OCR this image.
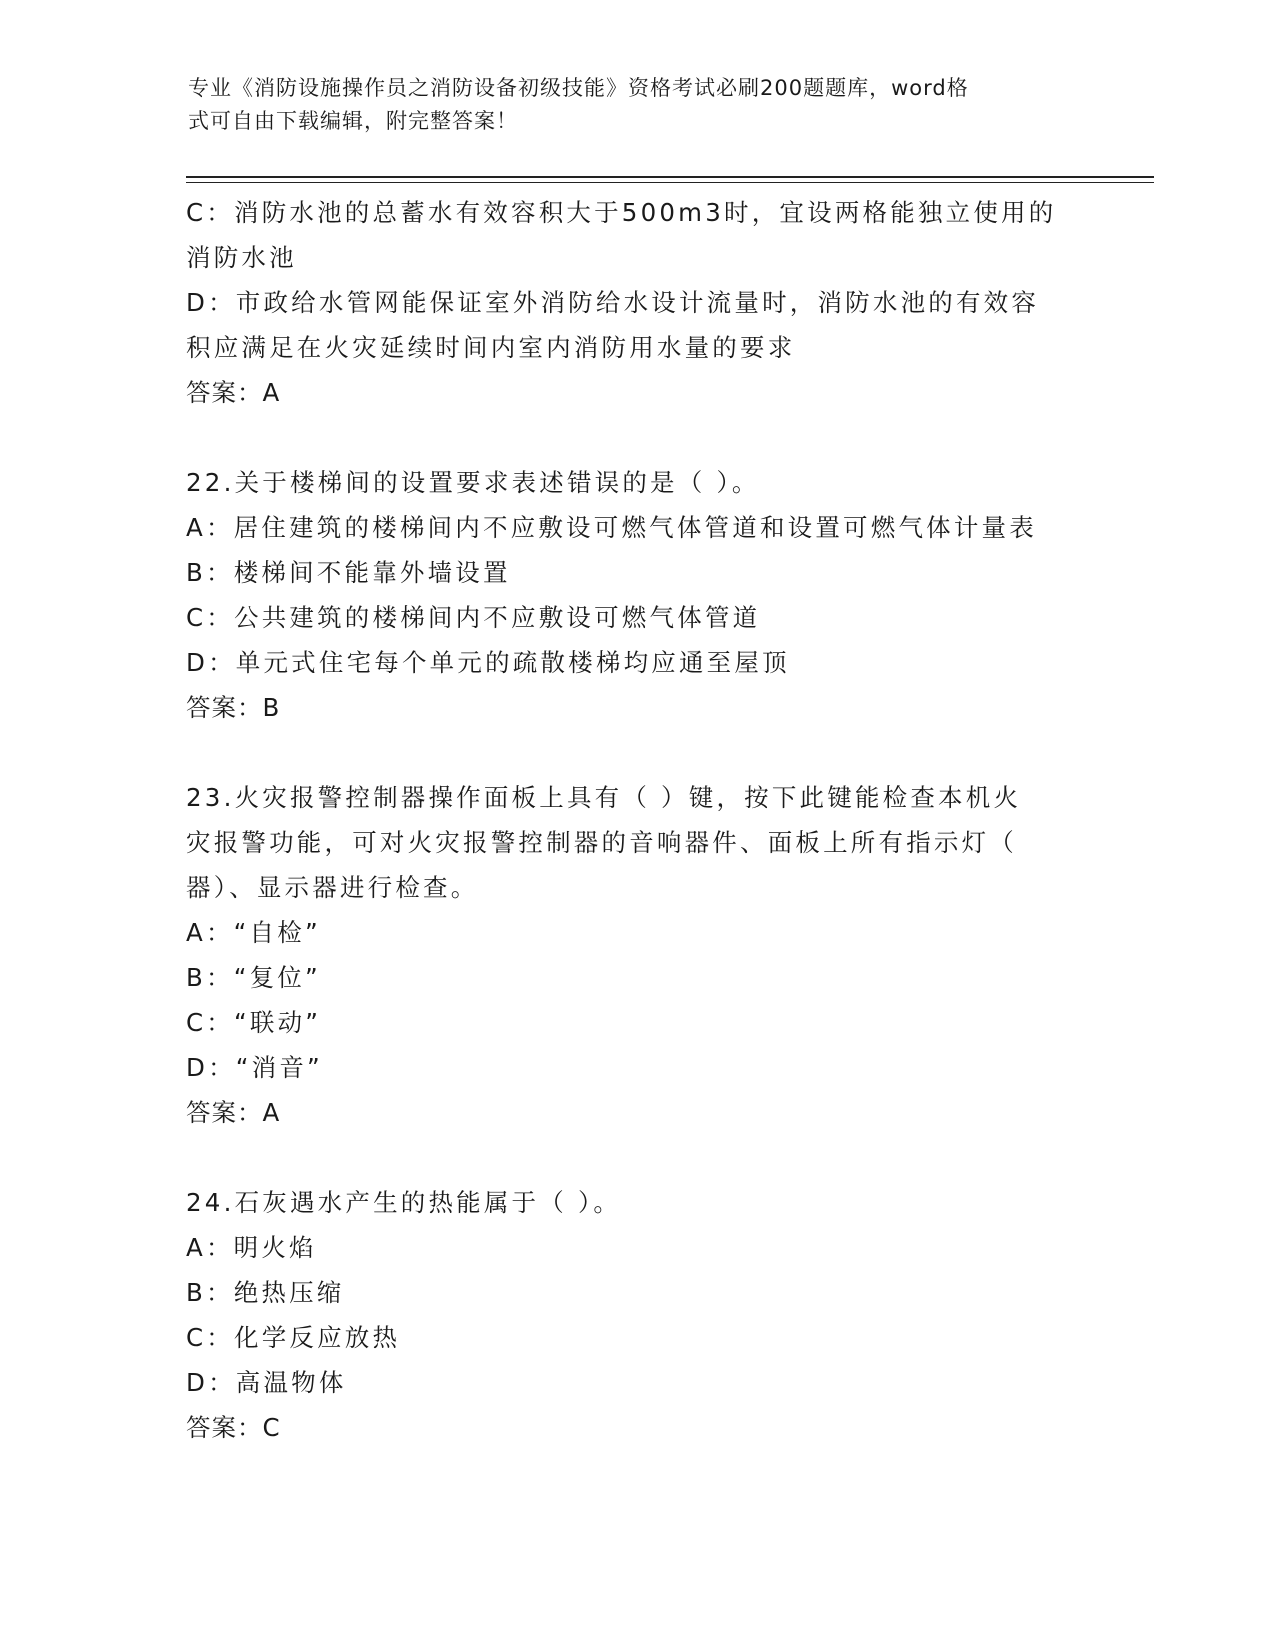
专业《消防设施操作员之消防设备初级技能》资格考试必刷200题题库，word格
式可自由下载编辑，附完整答案！
C：消防水池的总蓄水有效容积大于500m3时，宜设两格能独立使用的
消防水池
D：市政给水管网能保证室外消防给水设计流量时，消防水池的有效容
积应满足在火灾延续时间内室内消防用水量的要求
答案：A
22.关于楼梯间的设置要求表述错误的是（ ）。
A：居住建筑的楼梯间内不应敷设可燃气体管道和设置可燃气体计量表
B：楼梯间不能靠外墙设置
C：公共建筑的楼梯间内不应敷设可燃气体管道
D：单元式住宅每个单元的疏散楼梯均应通至屋顶
答案：B
23.火灾报警控制器操作面板上具有（ ）键，按下此键能检查本机火
灾报警功能，可对火灾报警控制器的音响器件、面板上所有指示灯（
器）、显示器进行检查。
A：“自检”
B：“复位”
C：“联动”
D：“消音”
答案：A
24.石灰遇水产生的热能属于（ ）。
A：明火焰
B：绝热压缩
C：化学反应放热
D：高温物体
答案：C
